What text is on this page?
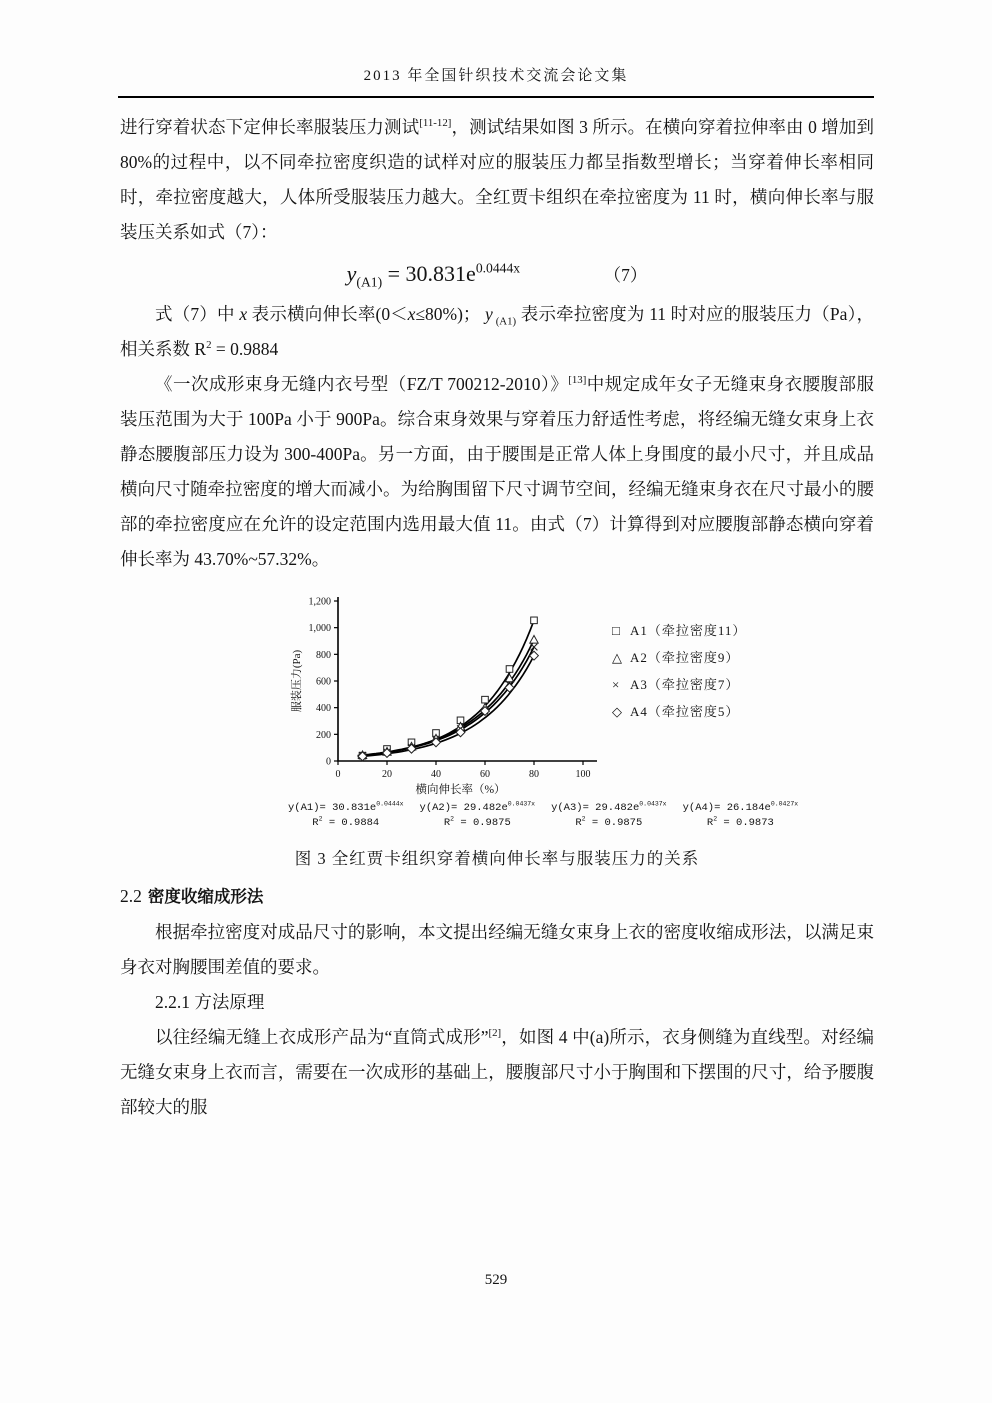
2013 年全国针织技术交流会论文集

进行穿着状态下定伸长率服装压力测试[11-12]，测试结果如图 3 所示。在横向穿着拉伸率由 0 增加到 80%的过程中，以不同牵拉密度织造的试样对应的服装压力都呈指数型增长；当穿着伸长率相同时，牵拉密度越大，人体所受服装压力越大。全红贾卡组织在牵拉密度为 11 时，横向伸长率与服装压关系如式（7）：

$y_{(A1)} = 30.831e^{0.0444x}$	（7）

式（7）中 x 表示横向伸长率(0＜x≤80%)； y $_{(A1)}$ 表示牵拉密度为 11 时对应的服装压力（Pa），相关系数 $R^2 = 0.9884$

《一次成形束身无缝内衣号型（FZ/T 700212-2010）》[13]中规定成年女子无缝束身衣腰腹部服装压范围为大于 100Pa 小于 900Pa。综合束身效果与穿着压力舒适性考虑，将经编无缝女束身上衣静态腰腹部压力设为 300-400Pa。另一方面，由于腰围是正常人体上身围度的最小尺寸，并且成品横向尺寸随牵拉密度的增大而减小。为给胸围留下尺寸调节空间，经编无缝束身衣在尺寸最小的腰部的牵拉密度应在允许的设定范围内选用最大值 11。由式（7）计算得到对应腰腹部静态横向穿着伸长率为 43.70%~57.32%。

0
200
400
600
800
1,000
1,200
0	20	40	60	80	100
服装压力(Pa)
横向伸长率（%）
□ A1（牵拉密度11）
△ A2（牵拉密度9）
× A3（牵拉密度7）
◇ A4（牵拉密度5）
$y(A1)= 30.831e^{0.0444x}$
$R^2 = 0.9884$
$y(A2)= 29.482e^{0.0437x}$
$R^2 = 0.9875$
$y(A3)= 29.482e^{0.0437x}$
$R^2 = 0.9875$
$y(A4)= 26.184e^{0.0427x}$
$R^2 = 0.9873$
图 3 全红贾卡组织穿着横向伸长率与服装压力的关系
2.2 密度收缩成形法

根据牵拉密度对成品尺寸的影响，本文提出经编无缝女束身上衣的密度收缩成形法，以满足束身衣对胸腰围差值的要求。

2.2.1 方法原理

以往经编无缝上衣成形产品为“直筒式成形”[2]，如图 4 中(a)所示，衣身侧缝为直线型。对经编无缝女束身上衣而言，需要在一次成形的基础上，腰腹部尺寸小于胸围和下摆围的尺寸，给予腰腹部较大的服

529
